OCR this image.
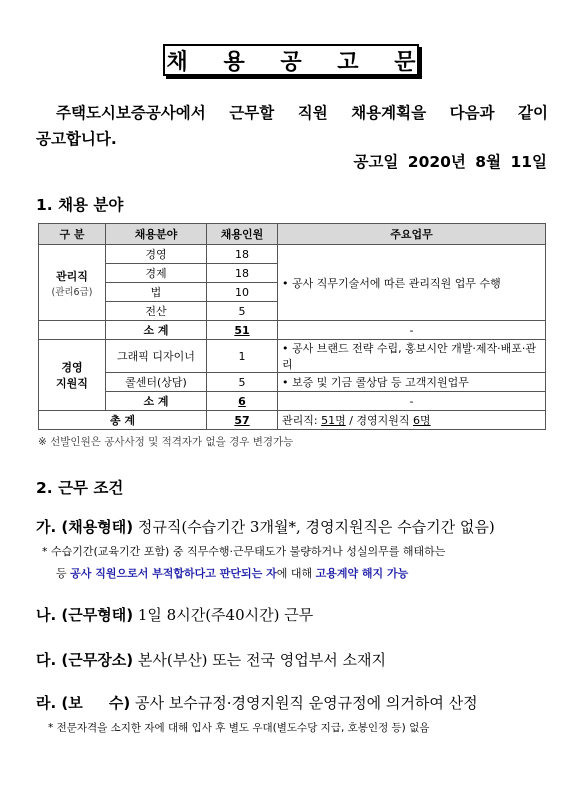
채 용 공 고 문
주택도시보증공사에서 근무할 직원 채용계획을 다음과 같이
공고합니다.
공고일 2020년 8월 11일
1. 채용 분야
구 분	채용분야	채용인원	주요업무

관리직
(관리6급)	경영	18	• 공사 직무기술서에 따른 관리직원 업무 수행
	경제	18	
	법	10	
	전산	5	
	소 계	51	-

경영
지원직	그래픽 디자이너	1	• 공사 브랜드 전략 수립, 홍보시안 개발·제작·배포·관리
	콜센터(상담)	5	• 보증 및 기금 콜상담 등 고객지원업무
	소 계	6	-
총 계		57	관리직: 51명 / 경영지원직 6명
※ 선발인원은 공사사정 및 적격자가 없을 경우 변경가능
2. 근무 조건
가. (채용형태) 정규직(수습기간 3개월*, 경영지원직은 수습기간 없음)
* 수습기간(교육기간 포함) 중 직무수행·근무태도가 불량하거나 성실의무를 해태하는
등 공사 직원으로서 부적합하다고 판단되는 자에 대해 고용계약 해지 가능
나. (근무형태) 1일 8시간(주40시간) 근무
다. (근무장소) 본사(부산) 또는 전국 영업부서 소재지
라. (보     수) 공사 보수규정·경영지원직 운영규정에 의거하여 산정
* 전문자격을 소지한 자에 대해 입사 후 별도 우대(별도수당 지급, 호봉인정 등) 없음
